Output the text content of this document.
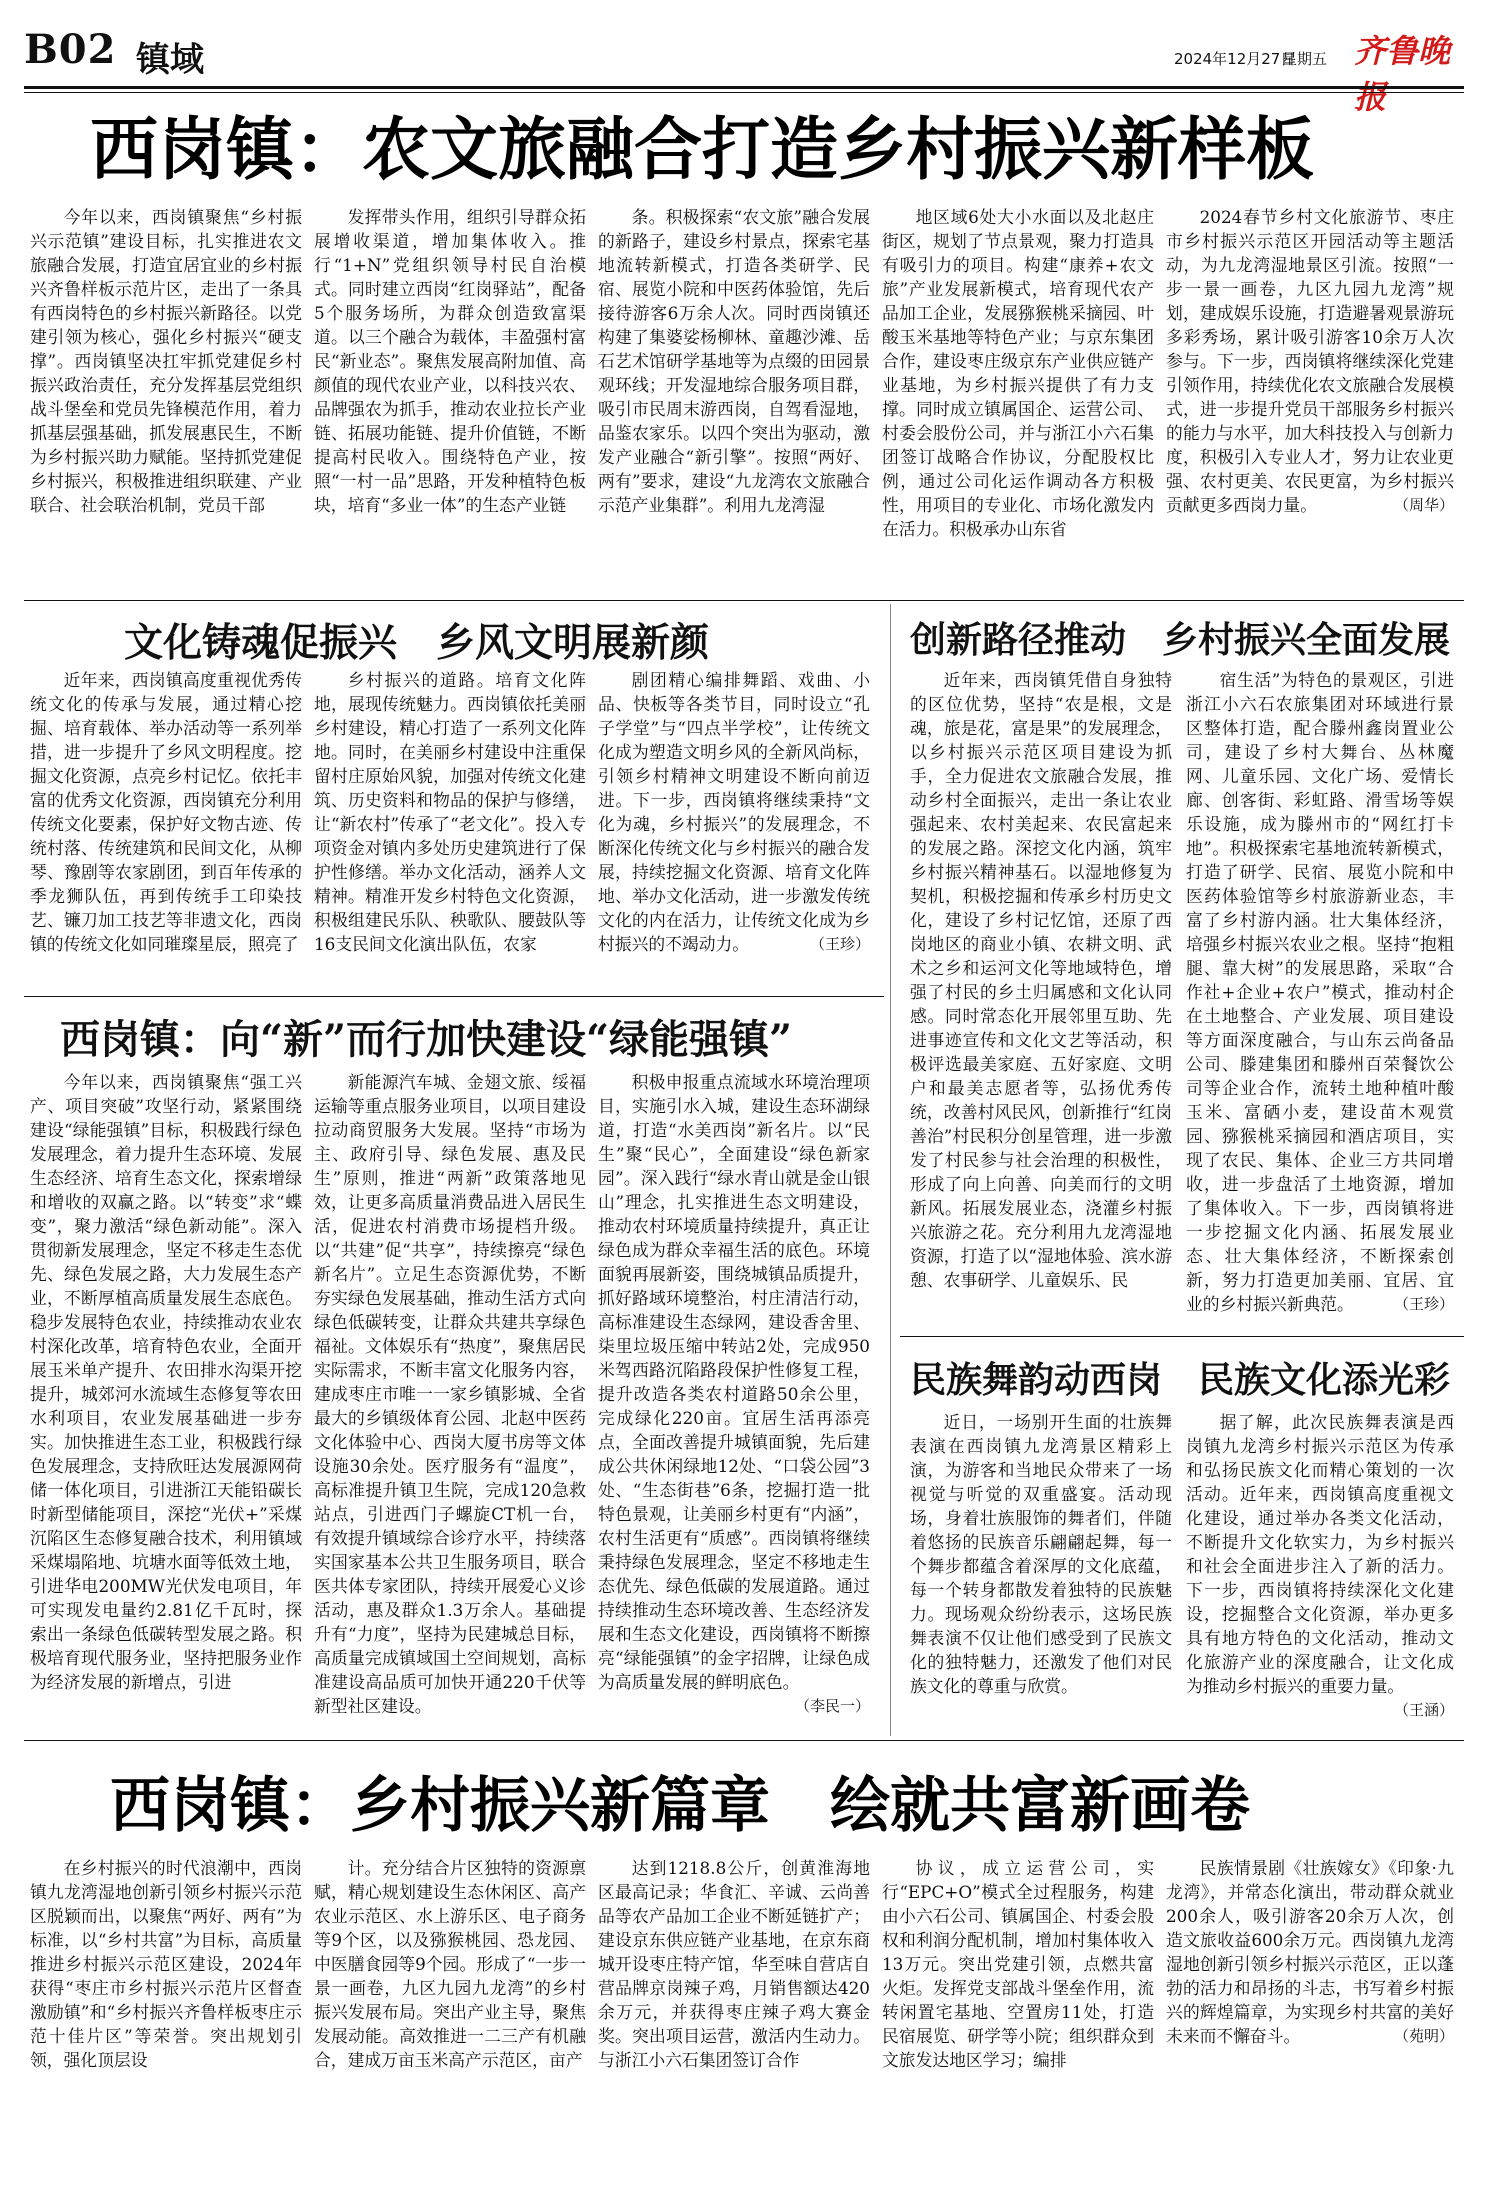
B02 镇域	2024年12月27日
星期五 齐鲁晚报
西岗镇：农文旅融合打造乡村振兴新样板

今年以来，西岗镇聚焦“乡村振兴示范镇”建设目标，扎实推进农文旅融合发展，打造宜居宜业的乡村振兴齐鲁样板示范片区，走出了一条具有西岗特色的乡村振兴新路径。以党建引领为核心，强化乡村振兴“硬支撑”。西岗镇坚决扛牢抓党建促乡村振兴政治责任，充分发挥基层党组织战斗堡垒和党员先锋模范作用，着力抓基层强基础，抓发展惠民生，不断为乡村振兴助力赋能。坚持抓党建促乡村振兴，积极推进组织联建、产业联合、社会联治机制，党员干部

发挥带头作用，组织引导群众拓展增收渠道，增加集体收入。推行“1+N”党组织领导村民自治模式。同时建立西岗“红岗驿站”，配备5个服务场所，为群众创造致富渠道。以三个融合为载体，丰盈强村富民“新业态”。聚焦发展高附加值、高颜值的现代农业产业，以科技兴农、品牌强农为抓手，推动农业拉长产业链、拓展功能链、提升价值链，不断提高村民收入。围绕特色产业，按照“一村一品”思路，开发种植特色板块，培育“多业一体”的生态产业链

条。积极探索“农文旅”融合发展的新路子，建设乡村景点，探索宅基地流转新模式，打造各类研学、民宿、展览小院和中医药体验馆，先后接待游客6万余人次。同时西岗镇还构建了集婆娑杨柳林、童趣沙滩、岳石艺术馆研学基地等为点缀的田园景观环线；开发湿地综合服务项目群，吸引市民周末游西岗，自驾看湿地，品鉴农家乐。以四个突出为驱动，激发产业融合“新引擎”。按照“两好、两有”要求，建设“九龙湾农文旅融合示范产业集群”。利用九龙湾湿

地区域6处大小水面以及北赵庄街区，规划了节点景观，聚力打造具有吸引力的项目。构建“康养+农文旅”产业发展新模式，培育现代农产品加工企业，发展猕猴桃采摘园、叶酸玉米基地等特色产业；与京东集团合作，建设枣庄级京东产业供应链产业基地，为乡村振兴提供了有力支撑。同时成立镇属国企、运营公司、村委会股份公司，并与浙江小六石集团签订战略合作协议，分配股权比例，通过公司化运作调动各方积极性，用项目的专业化、市场化激发内在活力。积极承办山东省

2024春节乡村文化旅游节、枣庄市乡村振兴示范区开园活动等主题活动，为九龙湾湿地景区引流。按照“一步一景一画卷，九区九园九龙湾”规划，建成娱乐设施，打造避暑观景游玩多彩秀场，累计吸引游客10余万人次参与。下一步，西岗镇将继续深化党建引领作用，持续优化农文旅融合发展模式，进一步提升党员干部服务乡村振兴的能力与水平，加大科技投入与创新力度，积极引入专业人才，努力让农业更强、农村更美、农民更富，为乡村振兴贡献更多西岗力量。	（周华）

文化铸魂促振兴　乡风文明展新颜

近年来，西岗镇高度重视优秀传统文化的传承与发展，通过精心挖掘、培育载体、举办活动等一系列举措，进一步提升了乡风文明程度。挖掘文化资源，点亮乡村记忆。依托丰富的优秀文化资源，西岗镇充分利用传统文化要素，保护好文物古迹、传统村落、传统建筑和民间文化，从柳琴、豫剧等农家剧团，到百年传承的季龙狮队伍，再到传统手工印染技艺、镰刀加工技艺等非遗文化，西岗镇的传统文化如同璀璨星辰，照亮了

乡村振兴的道路。培育文化阵地，展现传统魅力。西岗镇依托美丽乡村建设，精心打造了一系列文化阵地。同时，在美丽乡村建设中注重保留村庄原始风貌，加强对传统文化建筑、历史资料和物品的保护与修缮，让“新农村”传承了“老文化”。投入专项资金对镇内多处历史建筑进行了保护性修缮。举办文化活动，涵养人文精神。精准开发乡村特色文化资源，积极组建民乐队、秧歌队、腰鼓队等16支民间文化演出队伍，农家

剧团精心编排舞蹈、戏曲、小品、快板等各类节目，同时设立“孔子学堂”与“四点半学校”，让传统文化成为塑造文明乡风的全新风尚标，引领乡村精神文明建设不断向前迈进。下一步，西岗镇将继续秉持“文化为魂，乡村振兴”的发展理念，不断深化传统文化与乡村振兴的融合发展，持续挖掘文化资源、培育文化阵地、举办文化活动，进一步激发传统文化的内在活力，让传统文化成为乡村振兴的不竭动力。	（王珍）

创新路径推动　乡村振兴全面发展

近年来，西岗镇凭借自身独特的区位优势，坚持“农是根，文是魂，旅是花，富是果”的发展理念，以乡村振兴示范区项目建设为抓手，全力促进农文旅融合发展，推动乡村全面振兴，走出一条让农业强起来、农村美起来、农民富起来的发展之路。深挖文化内涵，筑牢乡村振兴精神基石。以湿地修复为契机，积极挖掘和传承乡村历史文化，建设了乡村记忆馆，还原了西岗地区的商业小镇、农耕文明、武术之乡和运河文化等地域特色，增强了村民的乡土归属感和文化认同感。同时常态化开展邻里互助、先进事迹宣传和文化文艺等活动，积极评选最美家庭、五好家庭、文明户和最美志愿者等，弘扬优秀传统，改善村风民风，创新推行“红岗善治”村民积分创星管理，进一步激发了村民参与社会治理的积极性，形成了向上向善、向美而行的文明新风。拓展发展业态，浇灌乡村振兴旅游之花。充分利用九龙湾湿地资源，打造了以“湿地体验、滨水游憩、农事研学、儿童娱乐、民

宿生活”为特色的景观区，引进浙江小六石农旅集团对环域进行景区整体打造，配合滕州鑫岗置业公司，建设了乡村大舞台、丛林魔网、儿童乐园、文化广场、爱情长廊、创客街、彩虹路、滑雪场等娱乐设施，成为滕州市的“网红打卡地”。积极探索宅基地流转新模式，打造了研学、民宿、展览小院和中医药体验馆等乡村旅游新业态，丰富了乡村游内涵。壮大集体经济，培强乡村振兴农业之根。坚持“抱粗腿、靠大树”的发展思路，采取“合作社+企业+农户”模式，推动村企在土地整合、产业发展、项目建设等方面深度融合，与山东云尚备品公司、滕建集团和滕州百荣餐饮公司等企业合作，流转土地种植叶酸玉米、富硒小麦，建设苗木观赏园、猕猴桃采摘园和酒店项目，实现了农民、集体、企业三方共同增收，进一步盘活了土地资源，增加了集体收入。下一步，西岗镇将进一步挖掘文化内涵、拓展发展业态、壮大集体经济，不断探索创新，努力打造更加美丽、宜居、宜业的乡村振兴新典范。	（王珍）

西岗镇：向“新”而行加快建设“绿能强镇”

今年以来，西岗镇聚焦“强工兴产、项目突破”攻坚行动，紧紧围绕建设“绿能强镇”目标，积极践行绿色发展理念，着力提升生态环境、发展生态经济、培育生态文化，探索增绿和增收的双赢之路。以“转变”求“蝶变”，聚力激活“绿色新动能”。深入贯彻新发展理念，坚定不移走生态优先、绿色发展之路，大力发展生态产业，不断厚植高质量发展生态底色。稳步发展特色农业，持续推动农业农村深化改革，培育特色农业，全面开展玉米单产提升、农田排水沟渠开挖提升，城郊河水流域生态修复等农田水利项目，农业发展基础进一步夯实。加快推进生态工业，积极践行绿色发展理念，支持欣旺达发展源网荷储一体化项目，引进浙江天能铅碳长时新型储能项目，深挖“光伏+”采煤沉陷区生态修复融合技术，利用镇域采煤塌陷地、坑塘水面等低效土地，引进华电200MW光伏发电项目，年可实现发电量约2.81亿千瓦时，探索出一条绿色低碳转型发展之路。积极培育现代服务业，坚持把服务业作为经济发展的新增点，引进

新能源汽车城、金翅文旅、绥福运输等重点服务业项目，以项目建设拉动商贸服务大发展。坚持“市场为主、政府引导、绿色发展、惠及民生”原则，推进“两新”政策落地见效，让更多高质量消费品进入居民生活，促进农村消费市场提档升级。以“共建”促“共享”，持续擦亮“绿色新名片”。立足生态资源优势，不断夯实绿色发展基础，推动生活方式向绿色低碳转变，让群众共建共享绿色福祉。文体娱乐有“热度”，聚焦居民实际需求，不断丰富文化服务内容，建成枣庄市唯一一家乡镇影城、全省最大的乡镇级体育公园、北赵中医药文化体验中心、西岗大厦书房等文体设施30余处。医疗服务有“温度”，高标准提升镇卫生院，完成120急救站点，引进西门子螺旋CT机一台，有效提升镇域综合诊疗水平，持续落实国家基本公共卫生服务项目，联合医共体专家团队，持续开展爱心义诊活动，惠及群众1.3万余人。基础提升有“力度”，坚持为民建城总目标，高质量完成镇域国土空间规划，高标准建设高品质可加快开通220千伏等新型社区建设。

积极申报重点流域水环境治理项目，实施引水入城，建设生态环湖绿道，打造“水美西岗”新名片。以“民生”聚“民心”，全面建设“绿色新家园”。深入践行“绿水青山就是金山银山”理念，扎实推进生态文明建设，推动农村环境质量持续提升，真正让绿色成为群众幸福生活的底色。环境面貌再展新姿，围绕城镇品质提升，抓好路域环境整治，村庄清洁行动，高标准建设生态绿网，建设香舍里、柒里垃圾压缩中转站2处，完成950米驾西路沉陷路段保护性修复工程，提升改造各类农村道路50余公里，完成绿化220亩。宜居生活再添亮点，全面改善提升城镇面貌，先后建成公共休闲绿地12处、“口袋公园”3处、“生态街巷”6条，挖掘打造一批特色景观，让美丽乡村更有“内涵”，农村生活更有“质感”。西岗镇将继续秉持绿色发展理念，坚定不移地走生态优先、绿色低碳的发展道路。通过持续推动生态环境改善、生态经济发展和生态文化建设，西岗镇将不断擦亮“绿能强镇”的金字招牌，让绿色成为高质量发展的鲜明底色。
（李民一）

民族舞韵动西岗　民族文化添光彩

近日，一场别开生面的壮族舞表演在西岗镇九龙湾景区精彩上演，为游客和当地民众带来了一场视觉与听觉的双重盛宴。活动现场，身着壮族服饰的舞者们，伴随着悠扬的民族音乐翩翩起舞，每一个舞步都蕴含着深厚的文化底蕴，每一个转身都散发着独特的民族魅力。现场观众纷纷表示，这场民族舞表演不仅让他们感受到了民族文化的独特魅力，还激发了他们对民族文化的尊重与欣赏。

据了解，此次民族舞表演是西岗镇九龙湾乡村振兴示范区为传承和弘扬民族文化而精心策划的一次活动。近年来，西岗镇高度重视文化建设，通过举办各类文化活动，不断提升文化软实力，为乡村振兴和社会全面进步注入了新的活力。下一步，西岗镇将持续深化文化建设，挖掘整合文化资源，举办更多具有地方特色的文化活动，推动文化旅游产业的深度融合，让文化成为推动乡村振兴的重要力量。
（王涵）

西岗镇：乡村振兴新篇章　绘就共富新画卷

在乡村振兴的时代浪潮中，西岗镇九龙湾湿地创新引领乡村振兴示范区脱颖而出，以聚焦“两好、两有”为标准，以“乡村共富”为目标，高质量推进乡村振兴示范区建设，2024年获得“枣庄市乡村振兴示范片区督查激励镇”和“乡村振兴齐鲁样板枣庄示范十佳片区”等荣誉。突出规划引领，强化顶层设

计。充分结合片区独特的资源禀赋，精心规划建设生态休闲区、高产农业示范区、水上游乐区、电子商务等9个区，以及猕猴桃园、恐龙园、中医膳食园等9个园。形成了“一步一景一画卷，九区九园九龙湾”的乡村振兴发展布局。突出产业主导，聚焦发展动能。高效推进一二三产有机融合，建成万亩玉米高产示范区，亩产

达到1218.8公斤，创黄淮海地区最高记录；华食汇、辛诚、云尚善品等农产品加工企业不断延链扩产；建设京东供应链产业基地，在京东商城开设枣庄特产馆，华至味自营店自营品牌京岗辣子鸡，月销售额达420余万元，并获得枣庄辣子鸡大赛金奖。突出项目运营，激活内生动力。与浙江小六石集团签订合作

协议，成立运营公司，实行“EPC+O”模式全过程服务，构建由小六石公司、镇属国企、村委会股权和利润分配机制，增加村集体收入13万元。突出党建引领，点燃共富火炬。发挥党支部战斗堡垒作用，流转闲置宅基地、空置房11处，打造民宿展览、研学等小院；组织群众到文旅发达地区学习；编排

民族情景剧《壮族嫁女》《印象·九龙湾》，并常态化演出，带动群众就业200余人，吸引游客20余万人次，创造文旅收益600余万元。西岗镇九龙湾湿地创新引领乡村振兴示范区，正以蓬勃的活力和昂扬的斗志，书写着乡村振兴的辉煌篇章，为实现乡村共富的美好未来而不懈奋斗。	（苑明）
